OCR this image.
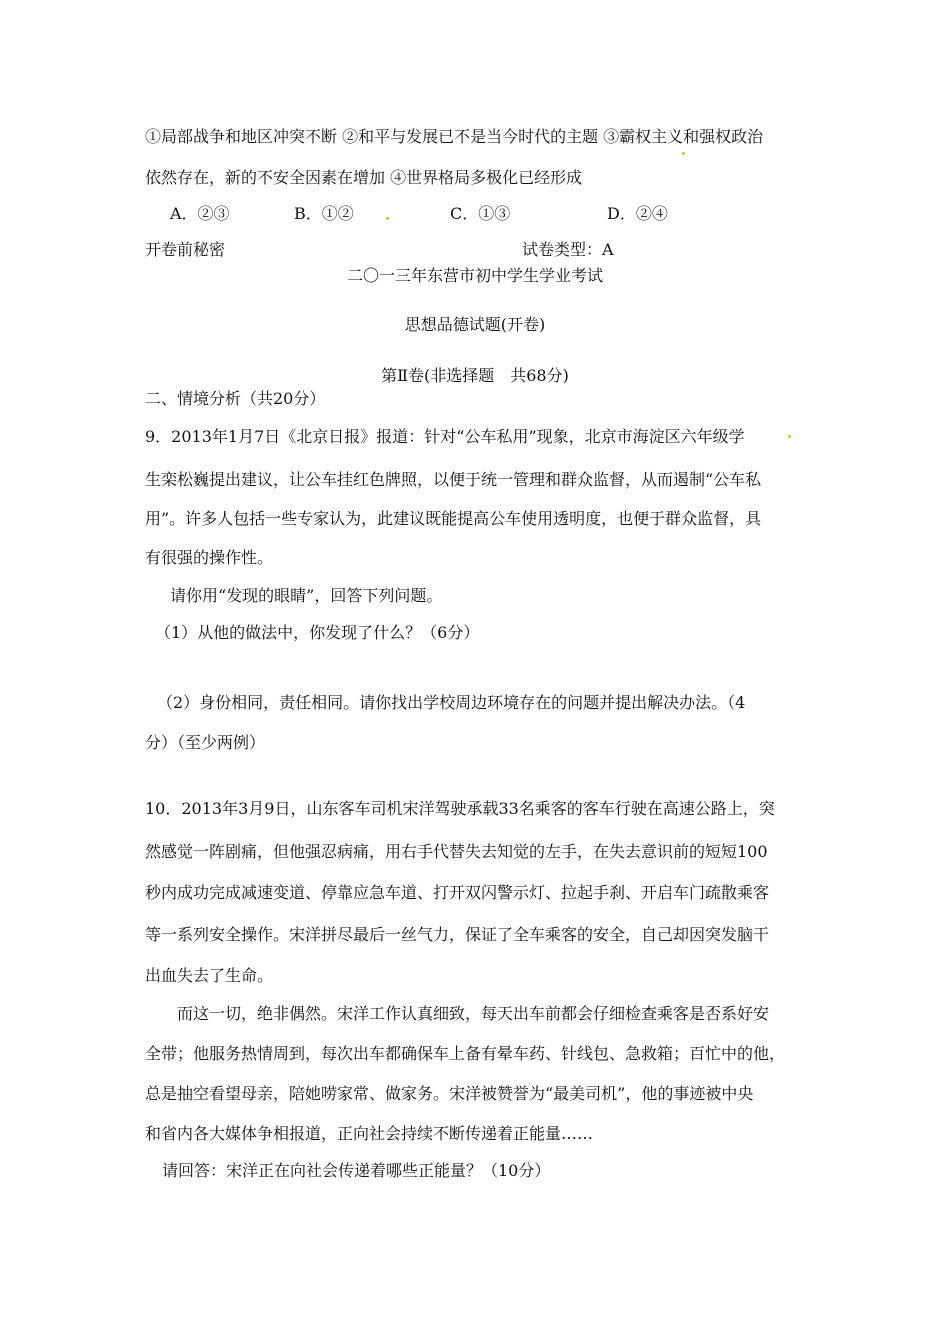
①局部战争和地区冲突不断 ②和平与发展已不是当今时代的主题 ③霸权主义和强权政治
依然存在，新的不安全因素在增加 ④世界格局多极化已经形成
A．②③	B．①②	C．①③	D．②④
开卷前秘密	试卷类型：A
二〇一三年东营市初中学生学业考试
思想品德试题(开卷)
第Ⅱ卷(非选择题　共68分)
二、情境分析（共20分）
9．2013年1月7日《北京日报》报道：针对“公车私用”现象，北京市海淀区六年级学
生栾松巍提出建议，让公车挂红色牌照，以便于统一管理和群众监督，从而遏制“公车私
用”。许多人包括一些专家认为，此建议既能提高公车使用透明度，也便于群众监督，具
有很强的操作性。
请你用“发现的眼睛”，回答下列问题。
（1）从他的做法中，你发现了什么？（6分）
（2）身份相同，责任相同。请你找出学校周边环境存在的问题并提出解决办法。（4
分）（至少两例）
10．2013年3月9日，山东客车司机宋洋驾驶承载33名乘客的客车行驶在高速公路上，突
然感觉一阵剧痛，但他强忍病痛，用右手代替失去知觉的左手，在失去意识前的短短100
秒内成功完成减速变道、停靠应急车道、打开双闪警示灯、拉起手刹、开启车门疏散乘客
等一系列安全操作。宋洋拼尽最后一丝气力，保证了全车乘客的安全，自己却因突发脑干
出血失去了生命。
而这一切，绝非偶然。宋洋工作认真细致，每天出车前都会仔细检查乘客是否系好安
全带；他服务热情周到，每次出车都确保车上备有晕车药、针线包、急救箱；百忙中的他，
总是抽空看望母亲，陪她唠家常、做家务。宋洋被赞誉为“最美司机”，他的事迹被中央
和省内各大媒体争相报道，正向社会持续不断传递着正能量……
请回答：宋洋正在向社会传递着哪些正能量？（10分）
